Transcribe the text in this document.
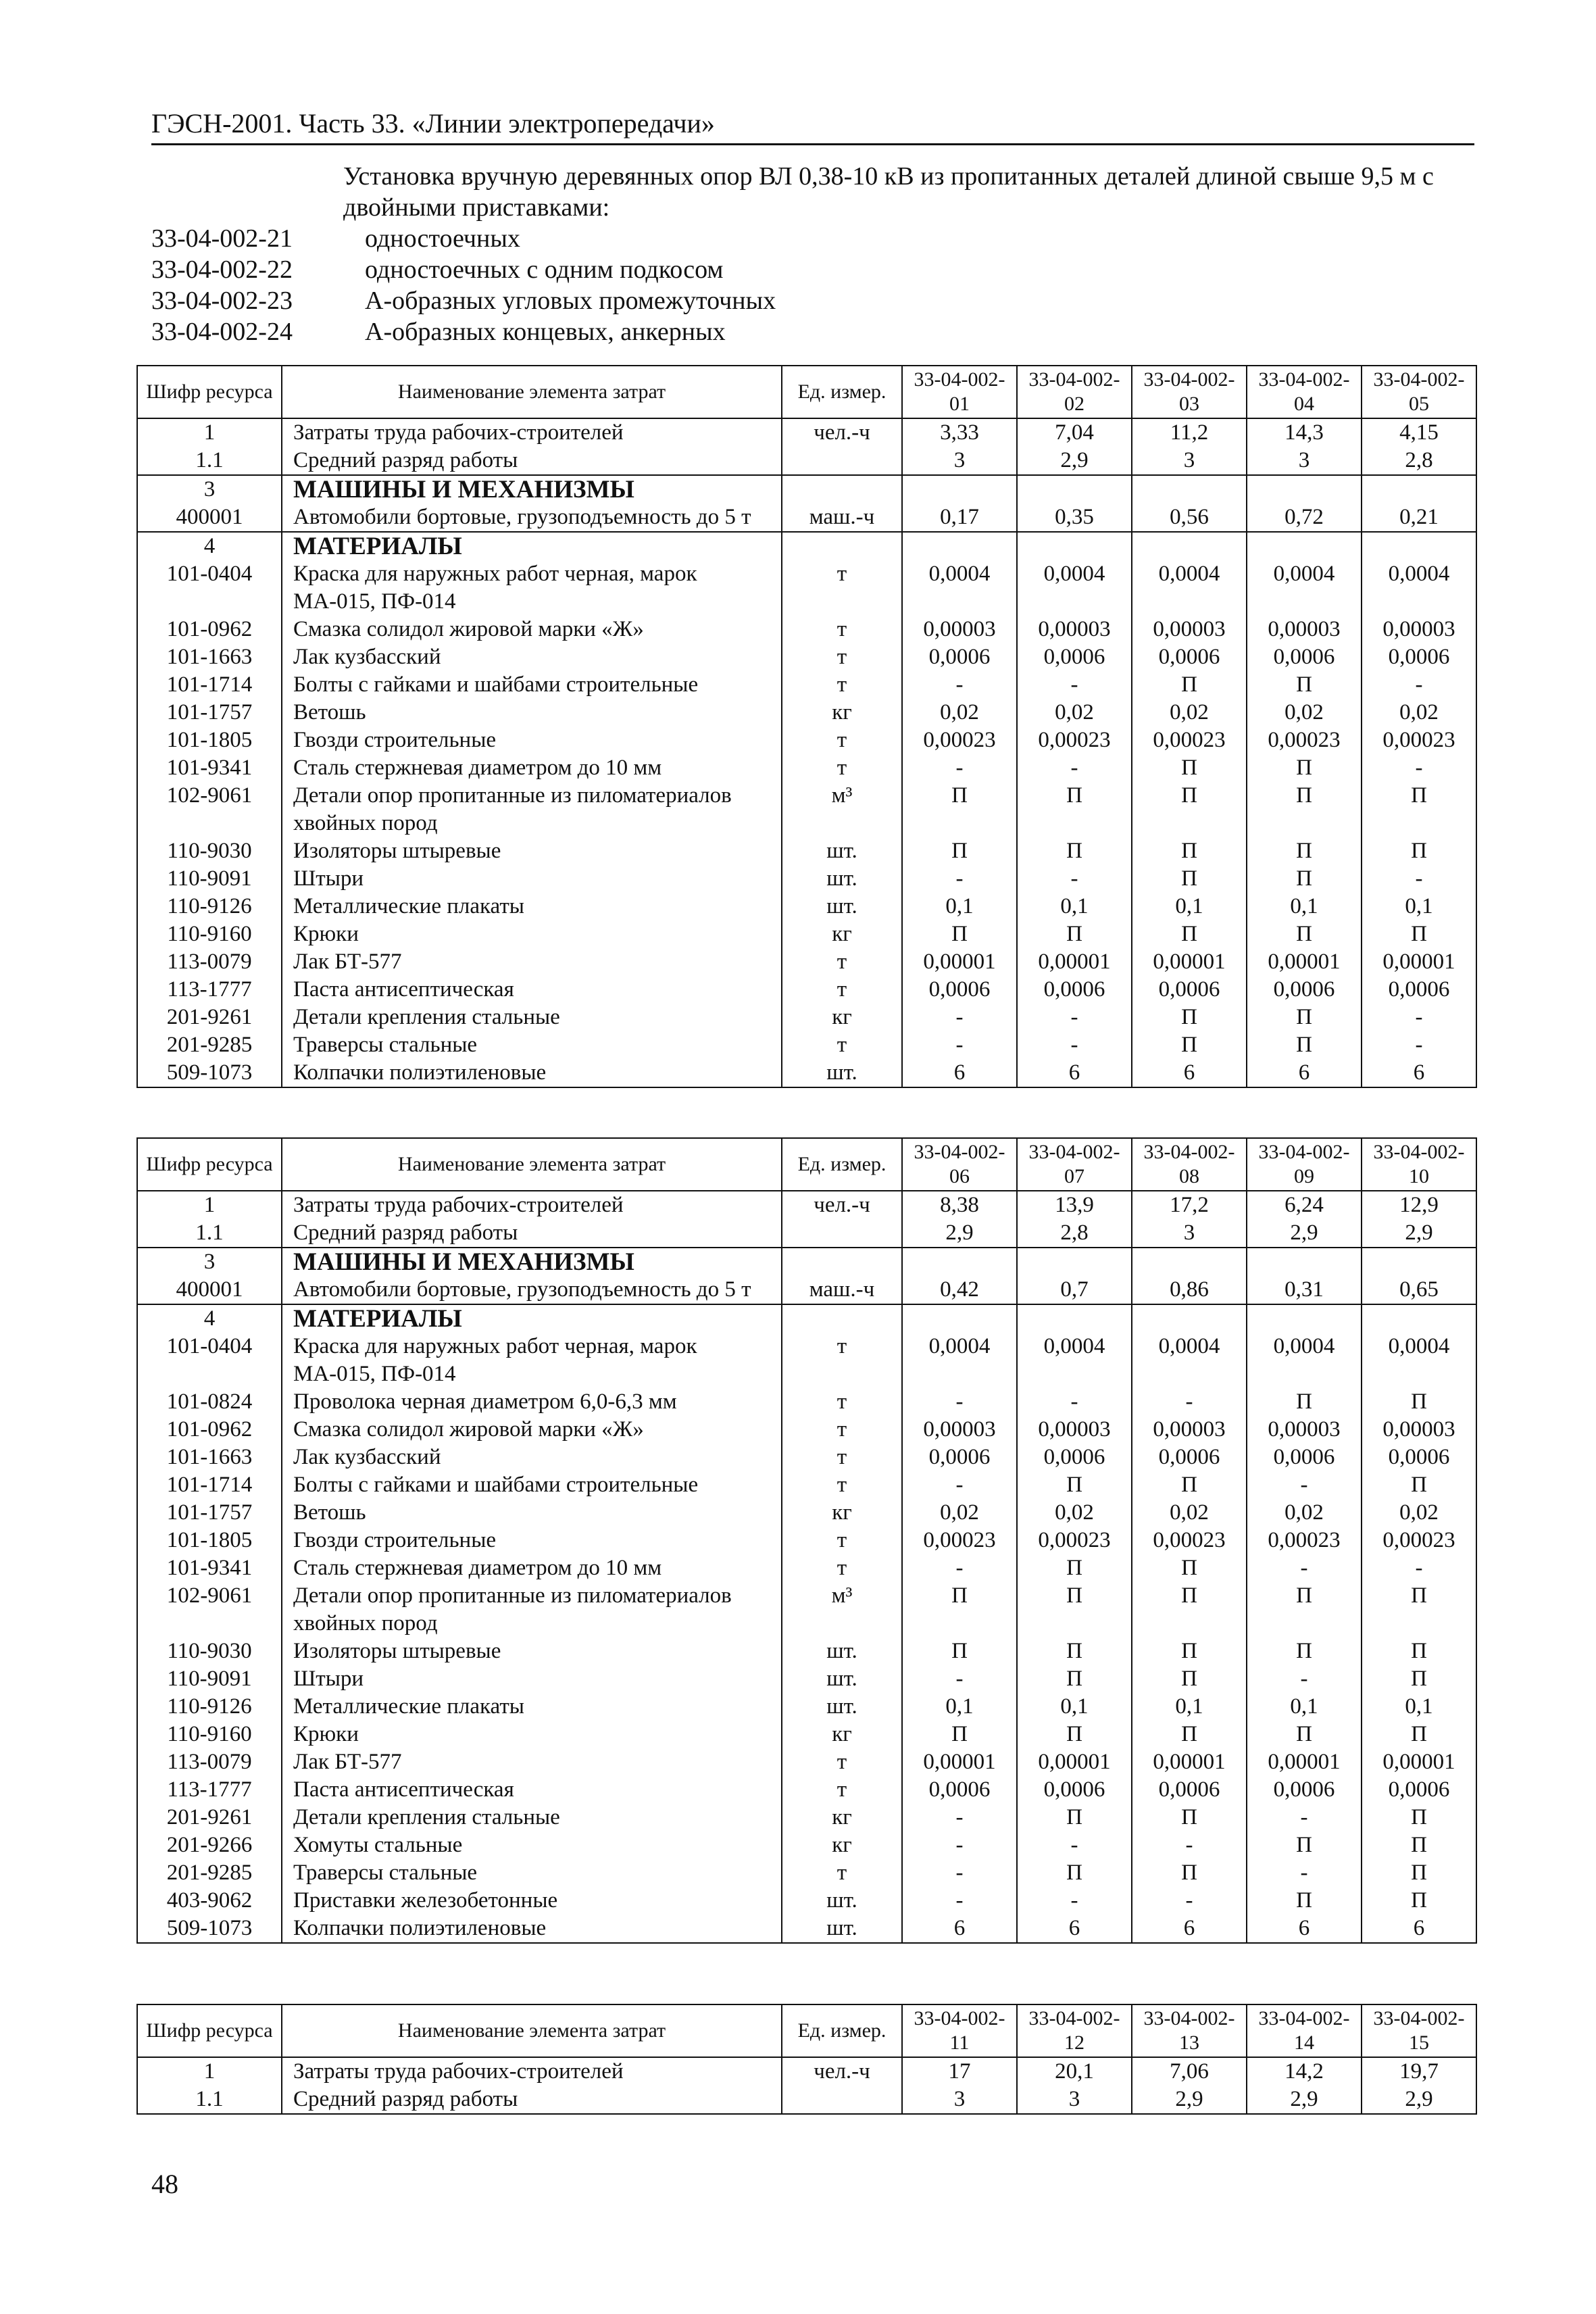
ГЭСН-2001. Часть 33. «Линии электропередачи»
Установка вручную деревянных опор ВЛ 0,38-10 кВ из пропитанных деталей длиной свыше 9,5 м с двойными приставками:
33-04-002-21	одностоечных
33-04-002-22	одностоечных с одним подкосом
33-04-002-23	А-образных угловых промежуточных
33-04-002-24	А-образных концевых, анкерных
Шифр ресурса	Наименование элемента затрат	Ед. измер.	33-04-002-01	33-04-002-02	33-04-002-03	33-04-002-04	33-04-002-05
1	Затраты труда рабочих-строителей	чел.-ч	3,33	7,04	11,2	14,3	4,15
1.1	Средний разряд работы		3	2,9	3	3	2,8
3	МАШИНЫ И МЕХАНИЗМЫ						
400001	Автомобили бортовые, грузоподъемность до 5 т	маш.-ч	0,17	0,35	0,56	0,72	0,21
4	МАТЕРИАЛЫ						
101-0404	Краска для наружных работ черная, марок МА-015, ПФ-014	т	0,0004	0,0004	0,0004	0,0004	0,0004
101-0962	Смазка солидол жировой марки «Ж»	т	0,00003	0,00003	0,00003	0,00003	0,00003
101-1663	Лак кузбасский	т	0,0006	0,0006	0,0006	0,0006	0,0006
101-1714	Болты с гайками и шайбами строительные	т	-	-	П	П	-
101-1757	Ветошь	кг	0,02	0,02	0,02	0,02	0,02
101-1805	Гвозди строительные	т	0,00023	0,00023	0,00023	0,00023	0,00023
101-9341	Сталь стержневая диаметром до 10 мм	т	-	-	П	П	-
102-9061	Детали опор пропитанные из пиломатериалов хвойных пород	м³	П	П	П	П	П
110-9030	Изоляторы штыревые	шт.	П	П	П	П	П
110-9091	Штыри	шт.	-	-	П	П	-
110-9126	Металлические плакаты	шт.	0,1	0,1	0,1	0,1	0,1
110-9160	Крюки	кг	П	П	П	П	П
113-0079	Лак БТ-577	т	0,00001	0,00001	0,00001	0,00001	0,00001
113-1777	Паста антисептическая	т	0,0006	0,0006	0,0006	0,0006	0,0006
201-9261	Детали крепления стальные	кг	-	-	П	П	-
201-9285	Траверсы стальные	т	-	-	П	П	-
509-1073	Колпачки полиэтиленовые	шт.	6	6	6	6	6
Шифр ресурса	Наименование элемента затрат	Ед. измер.	33-04-002-06	33-04-002-07	33-04-002-08	33-04-002-09	33-04-002-10
1	Затраты труда рабочих-строителей	чел.-ч	8,38	13,9	17,2	6,24	12,9
1.1	Средний разряд работы		2,9	2,8	3	2,9	2,9
3	МАШИНЫ И МЕХАНИЗМЫ						
400001	Автомобили бортовые, грузоподъемность до 5 т	маш.-ч	0,42	0,7	0,86	0,31	0,65
4	МАТЕРИАЛЫ						
101-0404	Краска для наружных работ черная, марок МА-015, ПФ-014	т	0,0004	0,0004	0,0004	0,0004	0,0004
101-0824	Проволока черная диаметром 6,0-6,3 мм	т	-	-	-	П	П
101-0962	Смазка солидол жировой марки «Ж»	т	0,00003	0,00003	0,00003	0,00003	0,00003
101-1663	Лак кузбасский	т	0,0006	0,0006	0,0006	0,0006	0,0006
101-1714	Болты с гайками и шайбами строительные	т	-	П	П	-	П
101-1757	Ветошь	кг	0,02	0,02	0,02	0,02	0,02
101-1805	Гвозди строительные	т	0,00023	0,00023	0,00023	0,00023	0,00023
101-9341	Сталь стержневая диаметром до 10 мм	т	-	П	П	-	-
102-9061	Детали опор пропитанные из пиломатериалов хвойных пород	м³	П	П	П	П	П
110-9030	Изоляторы штыревые	шт.	П	П	П	П	П
110-9091	Штыри	шт.	-	П	П	-	П
110-9126	Металлические плакаты	шт.	0,1	0,1	0,1	0,1	0,1
110-9160	Крюки	кг	П	П	П	П	П
113-0079	Лак БТ-577	т	0,00001	0,00001	0,00001	0,00001	0,00001
113-1777	Паста антисептическая	т	0,0006	0,0006	0,0006	0,0006	0,0006
201-9261	Детали крепления стальные	кг	-	П	П	-	П
201-9266	Хомуты стальные	кг	-	-	-	П	П
201-9285	Траверсы стальные	т	-	П	П	-	П
403-9062	Приставки железобетонные	шт.	-	-	-	П	П
509-1073	Колпачки полиэтиленовые	шт.	6	6	6	6	6
Шифр ресурса	Наименование элемента затрат	Ед. измер.	33-04-002-11	33-04-002-12	33-04-002-13	33-04-002-14	33-04-002-15
1	Затраты труда рабочих-строителей	чел.-ч	17	20,1	7,06	14,2	19,7
1.1	Средний разряд работы		3	3	2,9	2,9	2,9
48
